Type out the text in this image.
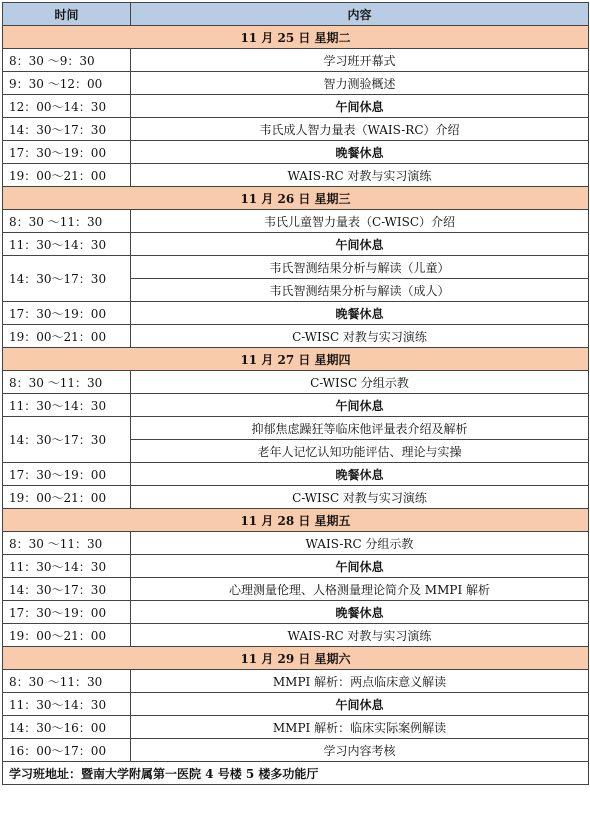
时间	内容
11 月 25 日 星期二	
8：30 ～9：30	学习班开幕式
9：30 ～12：00	智力测验概述
12：00～14：30	午间休息
14：30～17：30	韦氏成人智力量表（WAIS-RC）介绍
17：30～19：00	晚餐休息
19：00～21：00	WAIS-RC 对教与实习演练
11 月 26 日 星期三	
8：30 ～11：30	韦氏儿童智力量表（C-WISC）介绍
11：30～14：30	午间休息
14：30～17：30	韦氏智测结果分析与解读（儿童）
	韦氏智测结果分析与解读（成人）
17：30～19：00	晚餐休息
19：00～21：00	C-WISC 对教与实习演练
11 月 27 日 星期四	
8：30 ～11：30	C-WISC 分组示教
11：30～14：30	午间休息
14：30～17：30	抑郁焦虑躁狂等临床他评量表介绍及解析
	老年人记忆认知功能评估、理论与实操
17：30～19：00	晚餐休息
19：00～21：00	C-WISC 对教与实习演练
11 月 28 日 星期五	
8：30 ～11：30	WAIS-RC 分组示教
11：30～14：30	午间休息
14：30～17：30	心理测量伦理、人格测量理论简介及 MMPI 解析
17：30～19：00	晚餐休息
19：00～21：00	WAIS-RC 对教与实习演练
11 月 29 日 星期六	
8：30 ～11：30	MMPI 解析：两点临床意义解读
11：30～14：30	午间休息
14：30～16：00	MMPI 解析：临床实际案例解读
16：00～17：00	学习内容考核
学习班地址：暨南大学附属第一医院 4 号楼 5 楼多功能厅	
